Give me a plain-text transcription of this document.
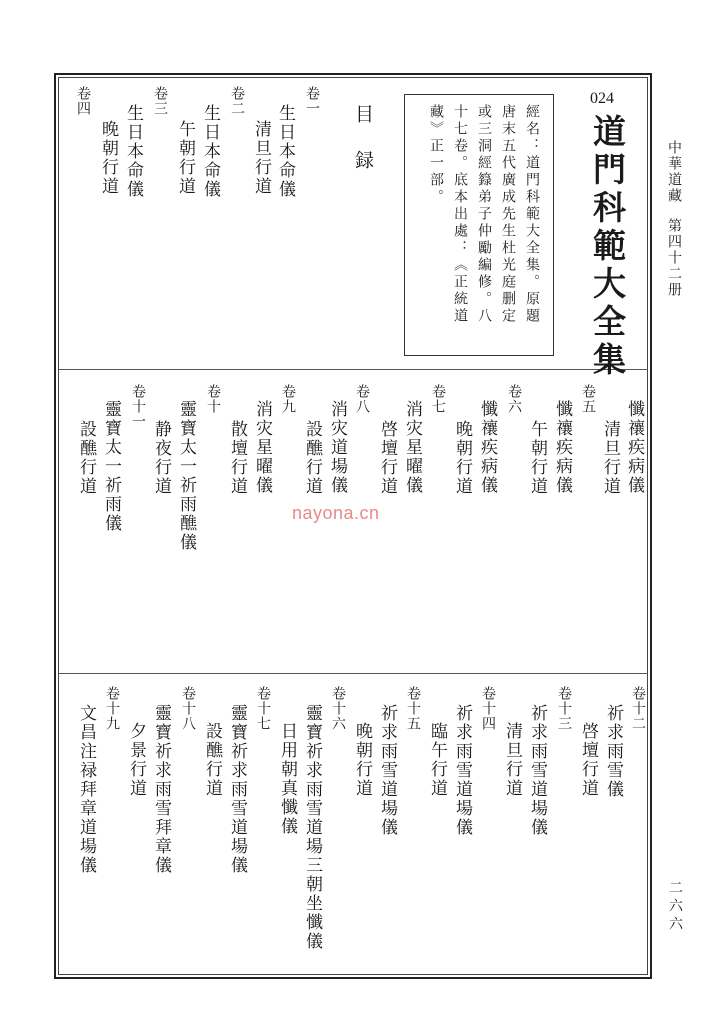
中華道藏
第四十二册
二六六
024
道門科範大全集
經名：道門科範大全集。原題
唐末五代廣成先生杜光庭删定
或三洞經籙弟子仲勵編修。八
十七卷。底本出處：《正統道
藏》正一部。
目　録
卷一
生日本命儀
清旦行道
卷二
生日本命儀
午朝行道
卷三
生日本命儀
晚朝行道
卷四
懺禳疾病儀
清旦行道
卷五
懺禳疾病儀
午朝行道
卷六
懺禳疾病儀
晚朝行道
卷七
消灾星曜儀
啓壇行道
卷八
消灾道場儀
設醮行道
卷九
消灾星曜儀
散壇行道
卷十
靈寶太一祈雨醮儀
静夜行道
卷十一
靈寶太一祈雨儀
設醮行道
nayona.cn
卷十二
祈求雨雪儀
啓壇行道
卷十三
祈求雨雪道場儀
清旦行道
卷十四
祈求雨雪道場儀
臨午行道
卷十五
祈求雨雪道場儀
晚朝行道
卷十六
靈寶祈求雨雪道場三朝坐懺儀
日用朝真懺儀
卷十七
靈寶祈求雨雪道場儀
設醮行道
卷十八
靈寶祈求雨雪拜章儀
夕景行道
卷十九
文昌注禄拜章道場儀
